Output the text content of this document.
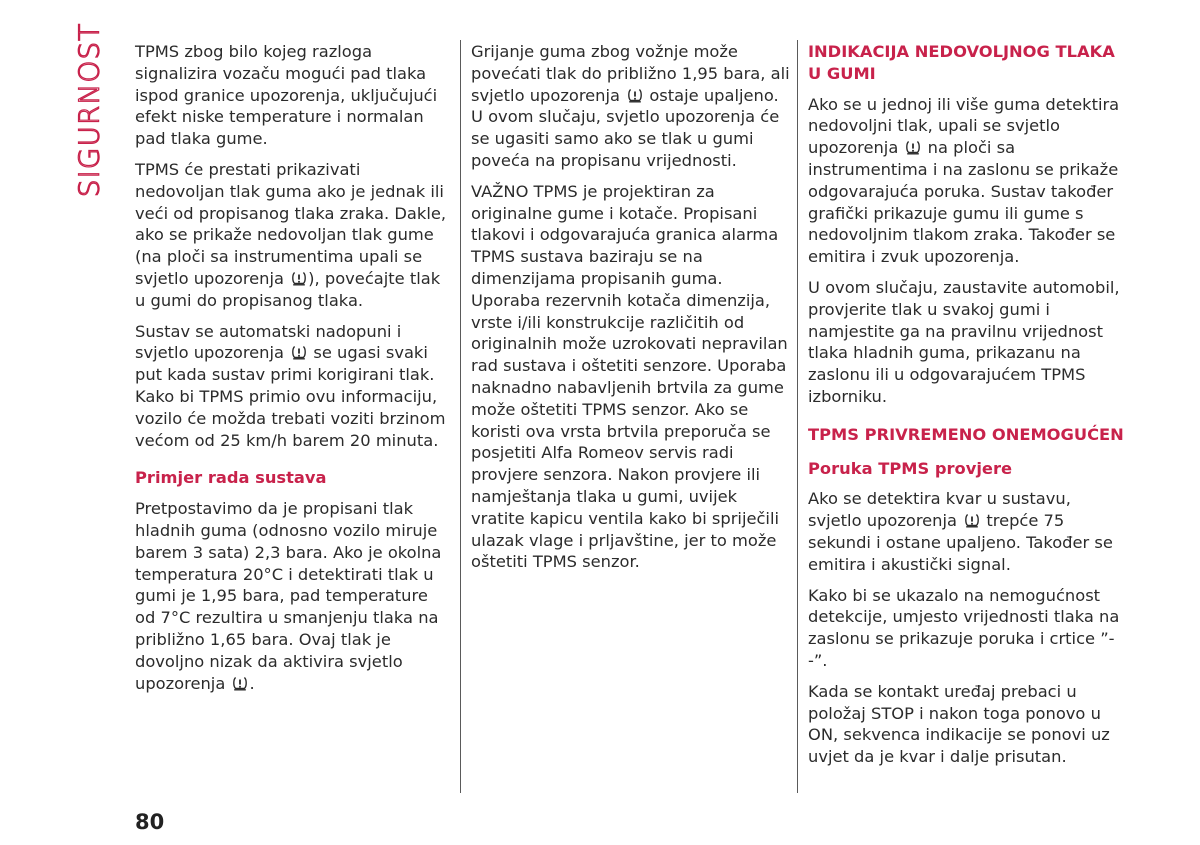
SIGURNOST TPMS zbog bilo kojeg razloga signalizira vozaču mogući pad tlaka ispod granice upozorenja, uključujući efekt niske temperature i normalan pad tlaka gume.

TPMS će prestati prikazivati nedovoljan tlak guma ako je jednak ili veći od propisanog tlaka zraka. Dakle, ako se prikaže nedovoljan tlak gume (na ploči sa instrumentima upali se svjetlo upozorenja
), povećajte tlak u gumi do propisanog tlaka.

Sustav se automatski nadopuni i svjetlo upozorenja
se ugasi svaki put kada sustav primi korigirani tlak. Kako bi TPMS primio ovu informaciju, vozilo će možda trebati voziti brzinom većom od 25 km/h barem 20 minuta.

Primjer rada sustava

Pretpostavimo da je propisani tlak hladnih guma (odnosno vozilo miruje barem 3 sata) 2,3 bara. Ako je okolna temperatura 20°C i detektirati tlak u gumi je 1,95 bara, pad temperature od 7°C rezultira u smanjenju tlaka na približno 1,65 bara. Ovaj tlak je dovoljno nizak da aktivira svjetlo upozorenja
.

Grijanje guma zbog vožnje može povećati tlak do približno 1,95 bara, ali svjetlo upozorenja
ostaje upaljeno. U ovom slučaju, svjetlo upozorenja će se ugasiti samo ako se tlak u gumi poveća na propisanu vrijednosti.

VAŽNO TPMS je projektiran za originalne gume i kotače. Propisani tlakovi i odgovarajuća granica alarma TPMS sustava baziraju se na dimenzijama propisanih guma. Uporaba rezervnih kotača dimenzija, vrste i/ili konstrukcije različitih od originalnih može uzrokovati nepravilan rad sustava i oštetiti senzore. Uporaba naknadno nabavljenih brtvila za gume može oštetiti TPMS senzor. Ako se koristi ova vrsta brtvila preporuča se posjetiti Alfa Romeov servis radi provjere senzora. Nakon provjere ili namještanja tlaka u gumi, uvijek vratite kapicu ventila kako bi spriječili ulazak vlage i prljavštine, jer to može oštetiti TPMS senzor.

INDIKACIJA NEDOVOLJNOG TLAKA U GUMI

Ako se u jednoj ili više guma detektira nedovoljni tlak, upali se svjetlo upozorenja
na ploči sa instrumentima i na zaslonu se prikaže odgovarajuća poruka. Sustav također grafički prikazuje gumu ili gume s nedovoljnim tlakom zraka. Također se emitira i zvuk upozorenja.

U ovom slučaju, zaustavite automobil, provjerite tlak u svakoj gumi i namjestite ga na pravilnu vrijednost tlaka hladnih guma, prikazanu na zaslonu ili u odgovarajućem TPMS izborniku.

TPMS PRIVREMENO ONEMOGUĆEN
Poruka TPMS provjere

Ako se detektira kvar u sustavu, svjetlo upozorenja
trepće 75 sekundi i ostane upaljeno. Također se emitira i akustički signal.

Kako bi se ukazalo na nemogućnost detekcije, umjesto vrijednosti tlaka na zaslonu se prikazuje poruka i crtice ”- -”.

Kada se kontakt uređaj prebaci u položaj STOP i nakon toga ponovo u ON, sekvenca indikacije se ponovi uz uvjet da je kvar i dalje prisutan.

80
